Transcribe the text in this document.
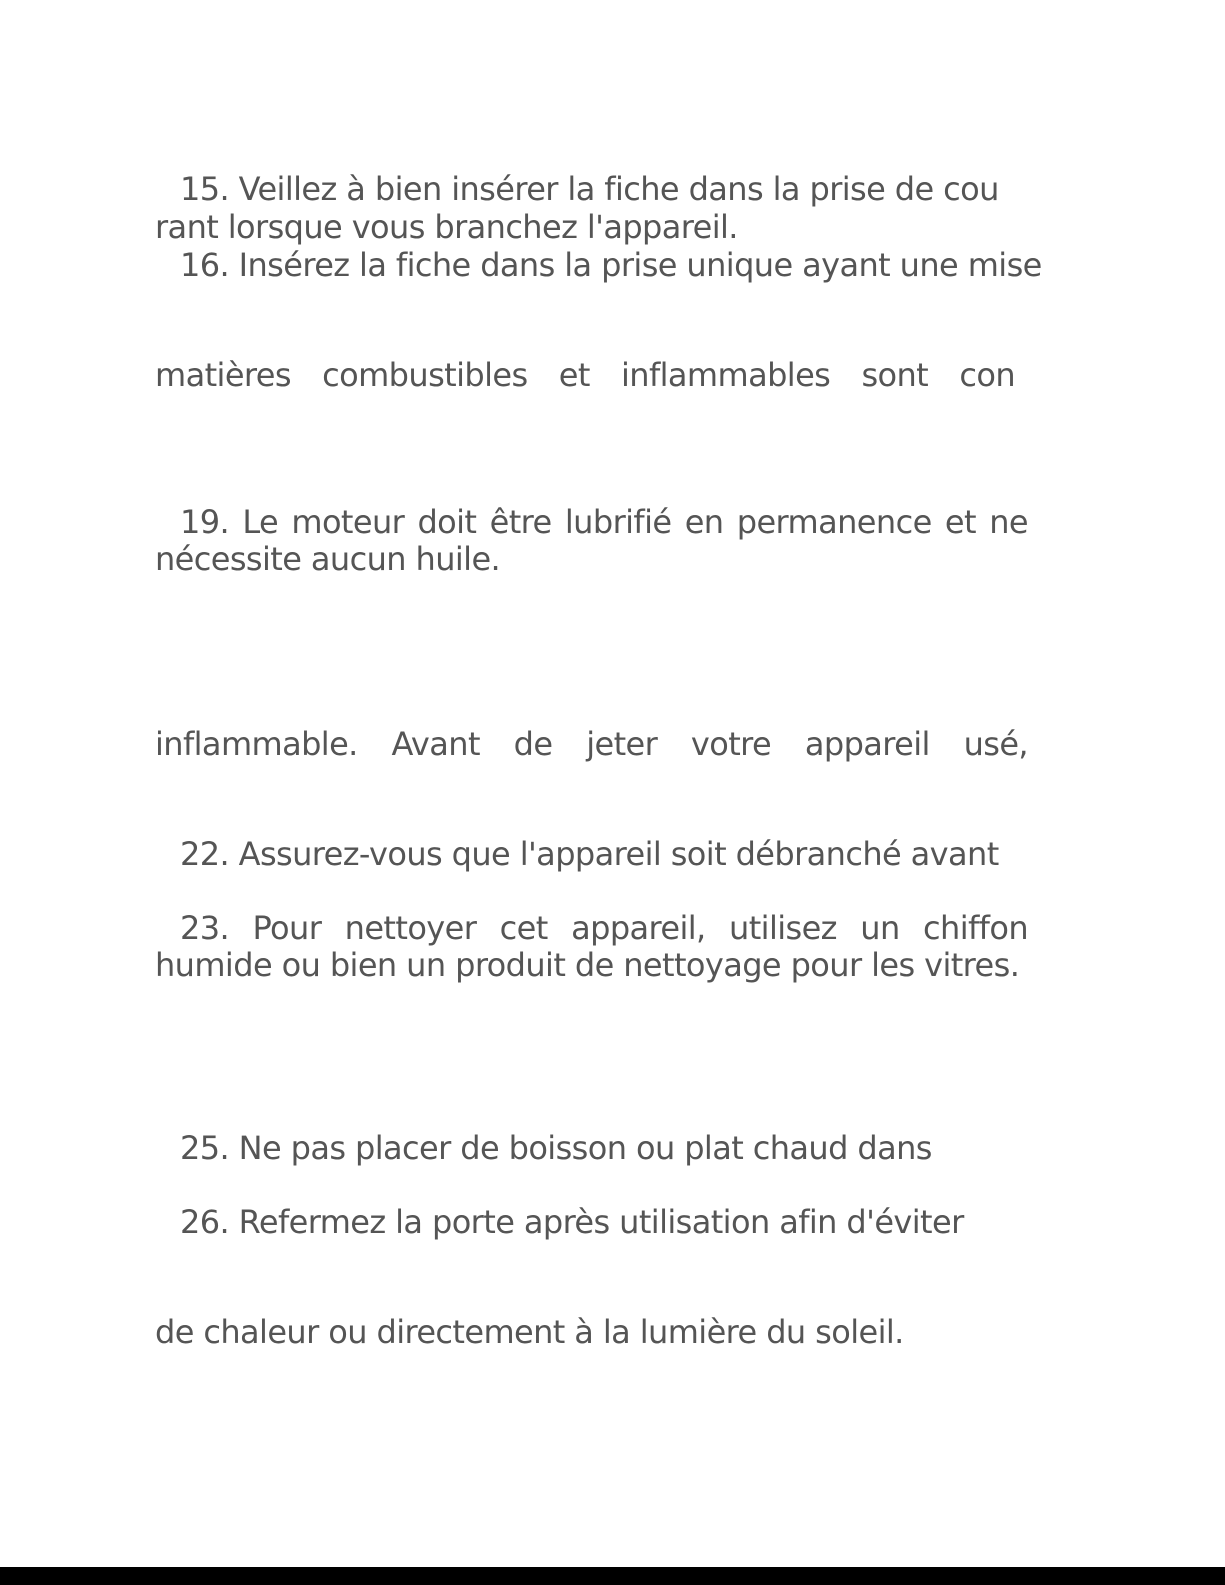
15. Veillez à bien insérer la fiche dans la prise de cou
rant lorsque vous branchez l'appareil.
16. Insérez la fiche dans la prise unique ayant une mise
matières combustibles et inflammables sont con
19. Le moteur doit être lubrifié en permanence et ne
nécessite aucun huile.
inflammable. Avant de jeter votre appareil usé,
22. Assurez-vous que l'appareil soit débranché avant
23. Pour nettoyer cet appareil, utilisez un chiffon
humide ou bien un produit de nettoyage pour les vitres.
25. Ne pas placer de boisson ou plat chaud dans
26. Refermez la porte après utilisation afin d'éviter
de chaleur ou directement à la lumière du soleil.
